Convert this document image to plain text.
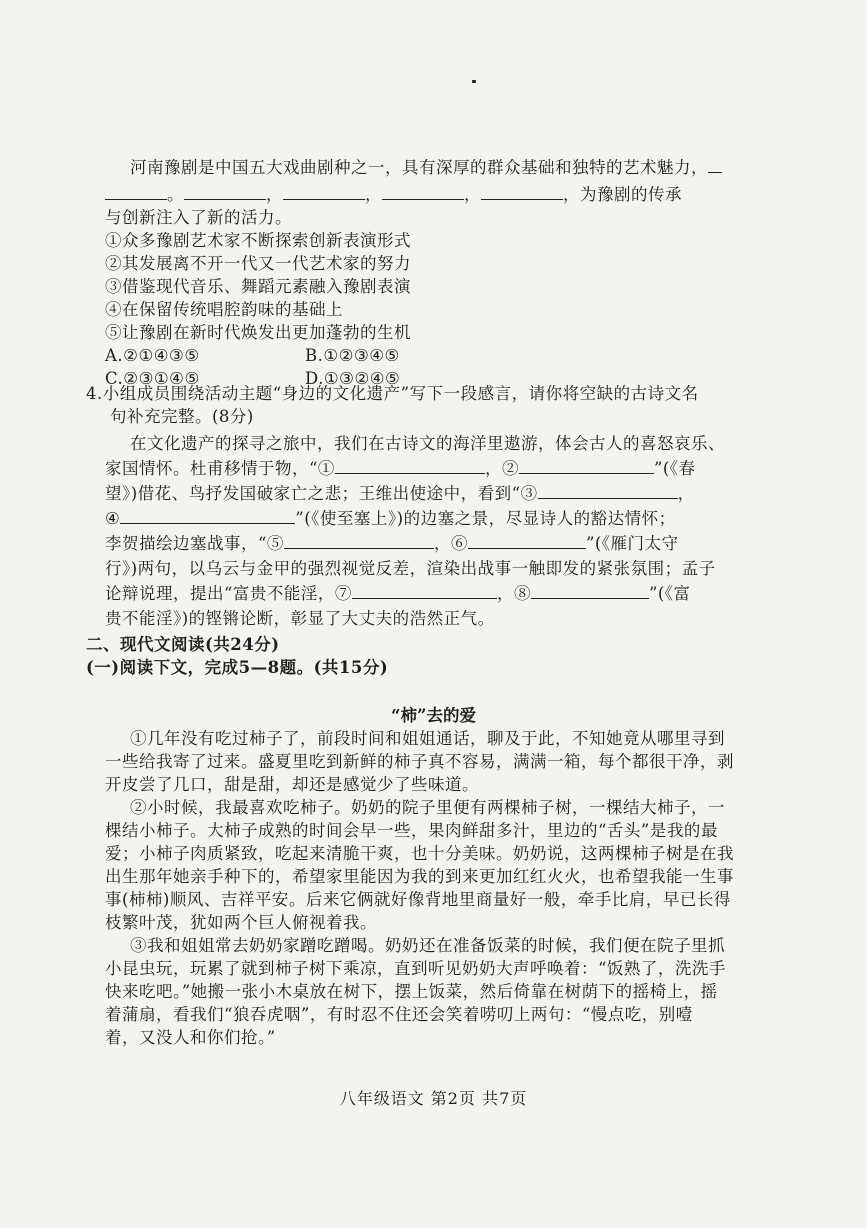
河南豫剧是中国五大戏曲剧种之一，具有深厚的群众基础和独特的艺术魅力，
。	，	，	，	，为豫剧的传承
与创新注入了新的活力。
①众多豫剧艺术家不断探索创新表演形式
②其发展离不开一代又一代艺术家的努力
③借鉴现代音乐、舞蹈元素融入豫剧表演
④在保留传统唱腔韵味的基础上
⑤让豫剧在新时代焕发出更加蓬勃的生机
A.②①④③⑤	B.①②③④⑤
C.②③①④⑤	D.①③②④⑤
4.小组成员围绕活动主题“身边的文化遗产”写下一段感言，请你将空缺的古诗文名
句补充完整。(8分)
在文化遗产的探寻之旅中，我们在古诗文的海洋里遨游，体会古人的喜怒哀乐、
家国情怀。杜甫移情于物，“①	，②	”(《春
望》)借花、鸟抒发国破家亡之悲；王维出使途中，看到“③	，
④	”(《使至塞上》)的边塞之景，尽显诗人的豁达情怀；
李贺描绘边塞战事，“⑤	，⑥	”(《雁门太守
行》)两句，以乌云与金甲的强烈视觉反差，渲染出战事一触即发的紧张氛围；孟子
论辩说理，提出“富贵不能淫，⑦	，⑧	”(《富
贵不能淫》)的铿锵论断，彰显了大丈夫的浩然正气。
二、现代文阅读(共24分)
(一)阅读下文，完成5—8题。(共15分)

“柿”去的爱

①几年没有吃过柿子了，前段时间和姐姐通话，聊及于此，不知她竟从哪里寻到
一些给我寄了过来。盛夏里吃到新鲜的柿子真不容易，满满一箱，每个都很干净，剥
开皮尝了几口，甜是甜，却还是感觉少了些味道。
②小时候，我最喜欢吃柿子。奶奶的院子里便有两棵柿子树，一棵结大柿子，一
棵结小柿子。大柿子成熟的时间会早一些，果肉鲜甜多汁，里边的“舌头”是我的最
爱；小柿子肉质紧致，吃起来清脆干爽，也十分美味。奶奶说，这两棵柿子树是在我
出生那年她亲手种下的，希望家里能因为我的到来更加红红火火，也希望我能一生事
事(柿柿)顺风、吉祥平安。后来它俩就好像背地里商量好一般，牵手比肩，早已长得
枝繁叶茂，犹如两个巨人俯视着我。
③我和姐姐常去奶奶家蹭吃蹭喝。奶奶还在准备饭菜的时候，我们便在院子里抓
小昆虫玩，玩累了就到柿子树下乘凉，直到听见奶奶大声呼唤着：“饭熟了，洗洗手
快来吃吧。”她搬一张小木桌放在树下，摆上饭菜，然后倚靠在树荫下的摇椅上，摇
着蒲扇，看我们“狼吞虎咽”，有时忍不住还会笑着唠叨上两句：“慢点吃，别噎
着，又没人和你们抢。”
八年级语文 第2页 共7页
